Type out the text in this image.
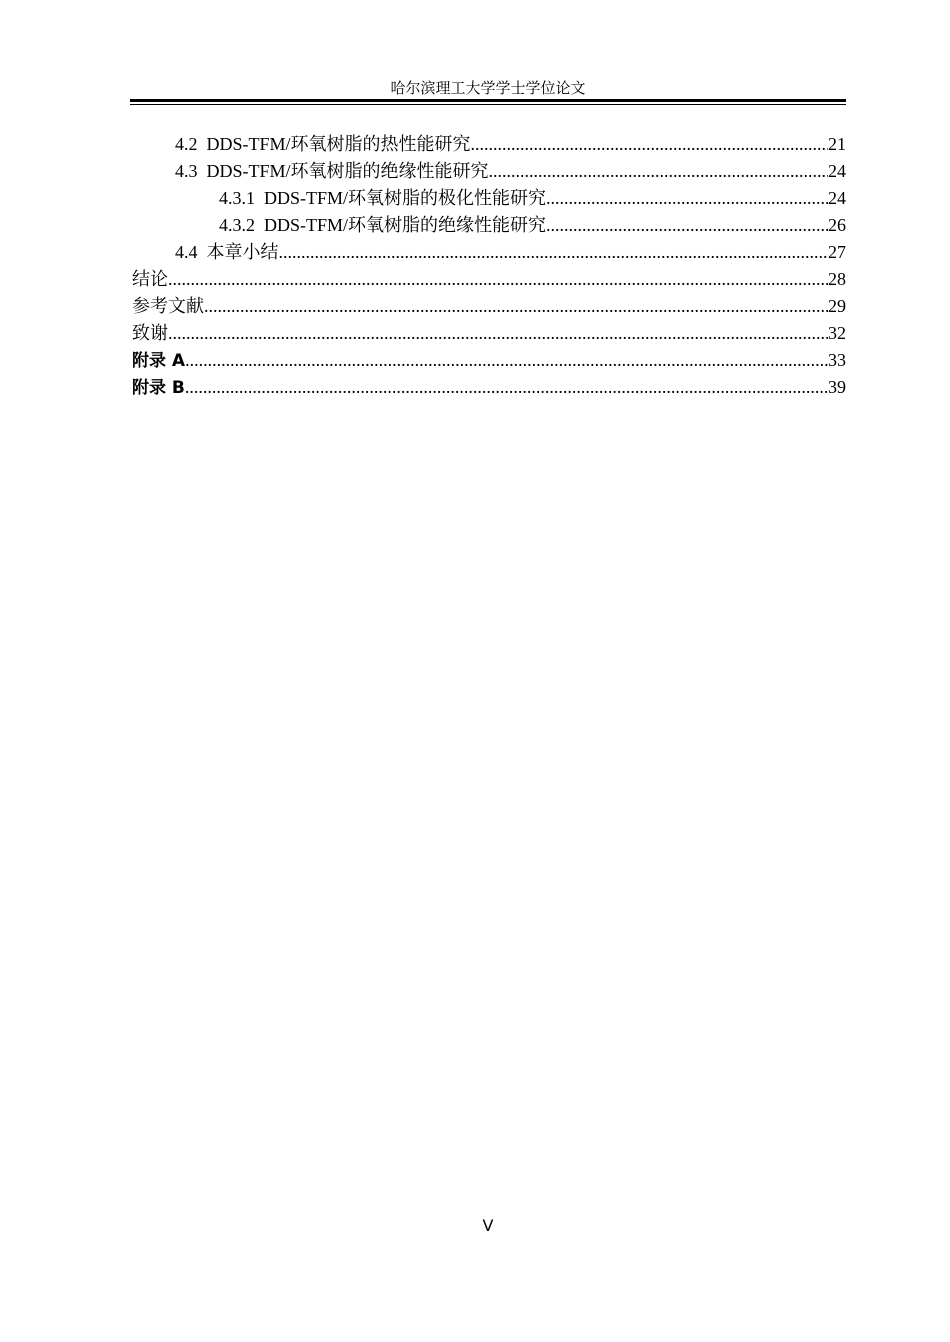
哈尔滨理工大学学士学位论文
4.2 DDS-TFM/环氧树脂的热性能研究 .....	21
4.3 DDS-TFM/环氧树脂的绝缘性能研究 .....	24
4.3.1 DDS-TFM/环氧树脂的极化性能研究 .....	24
4.3.2 DDS-TFM/环氧树脂的绝缘性能研究 .....	26
4.4 本章小结 .....	27
结论 .....	28
参考文献 .....	29
致谢 .....	32
附录 A .....	33
附录 B .....	39
V
